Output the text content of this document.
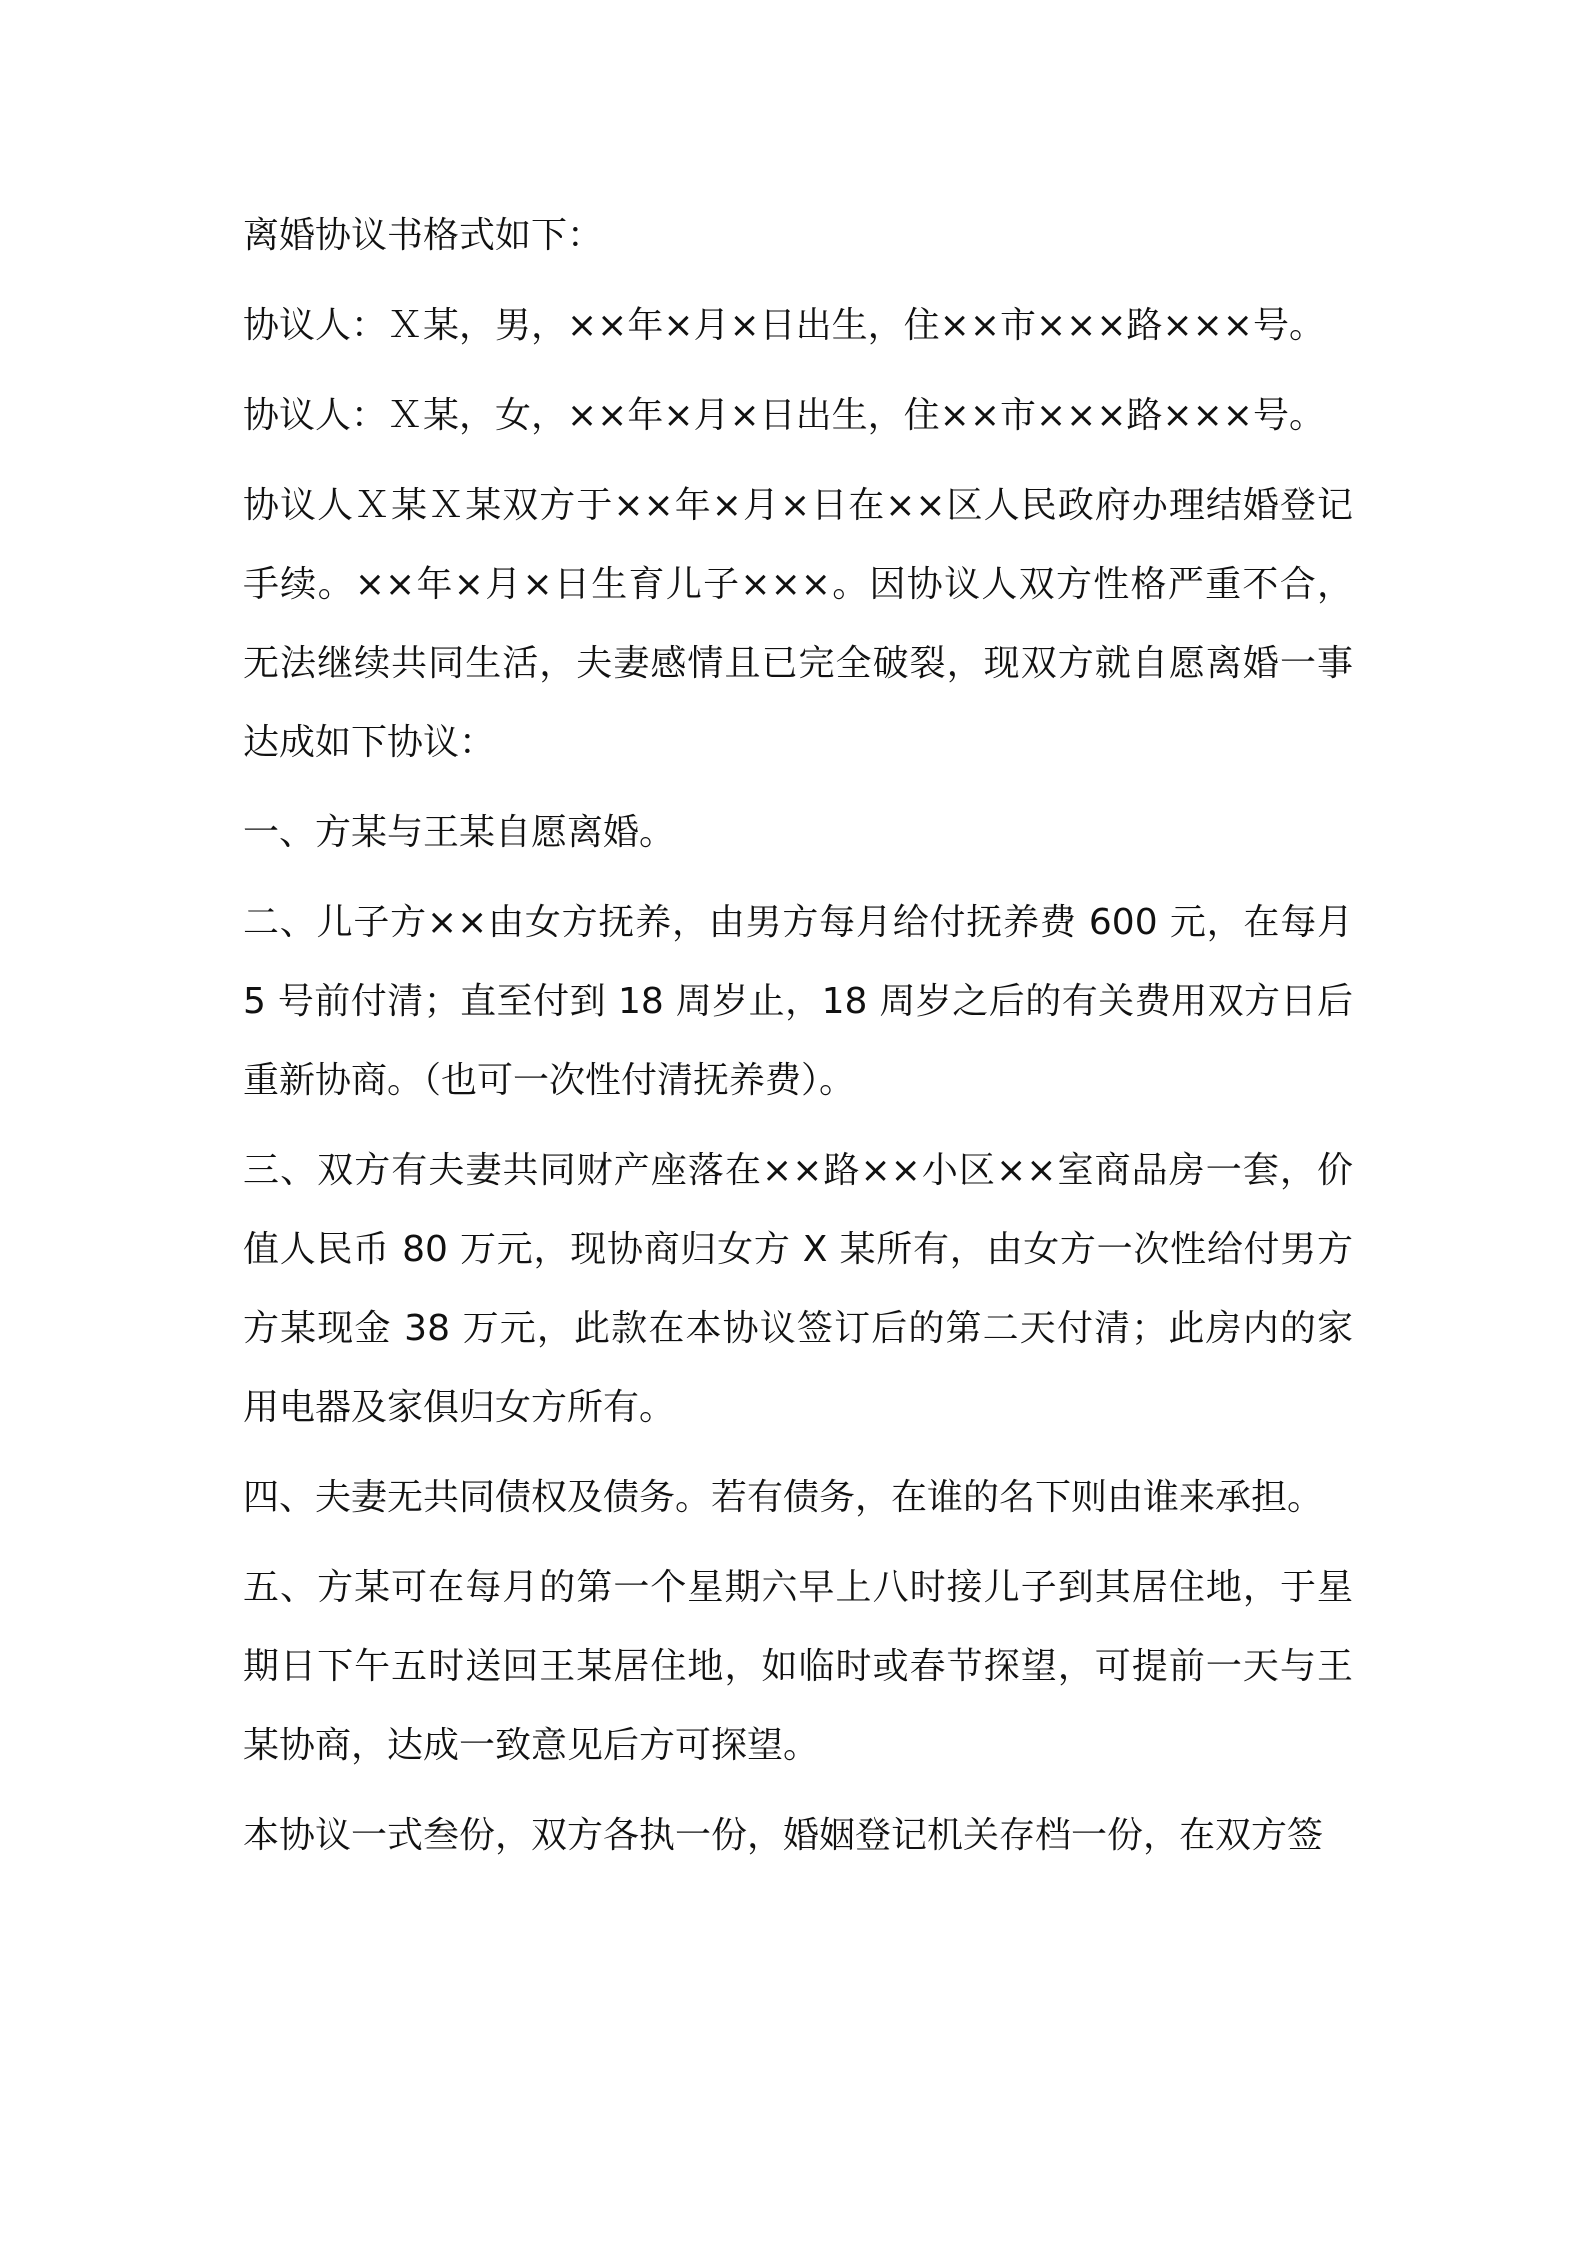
离婚协议书格式如下：

协议人：Ｘ某，男，××年×月×日出生，住××市×××路×××号。

协议人：Ｘ某，女，××年×月×日出生，住××市×××路×××号。

协议人Ｘ某Ｘ某双方于××年×月×日在××区人民政府办理结婚登记手续。××年×月×日生育儿子×××。因协议人双方性格严重不合，无法继续共同生活，夫妻感情且已完全破裂，现双方就自愿离婚一事达成如下协议：

一、方某与王某自愿离婚。

二、儿子方××由女方抚养，由男方每月给付抚养费 600 元，在每月 5 号前付清；直至付到 18 周岁止，18 周岁之后的有关费用双方日后重新协商。（也可一次性付清抚养费）。

三、双方有夫妻共同财产座落在××路××小区××室商品房一套，价值人民币 80 万元，现协商归女方 X 某所有，由女方一次性给付男方方某现金 38 万元，此款在本协议签订后的第二天付清；此房内的家用电器及家俱归女方所有。

四、夫妻无共同债权及债务。若有债务，在谁的名下则由谁来承担。

五、方某可在每月的第一个星期六早上八时接儿子到其居住地，于星期日下午五时送回王某居住地，如临时或春节探望，可提前一天与王某协商，达成一致意见后方可探望。

本协议一式叁份，双方各执一份，婚姻登记机关存档一份，在双方签
